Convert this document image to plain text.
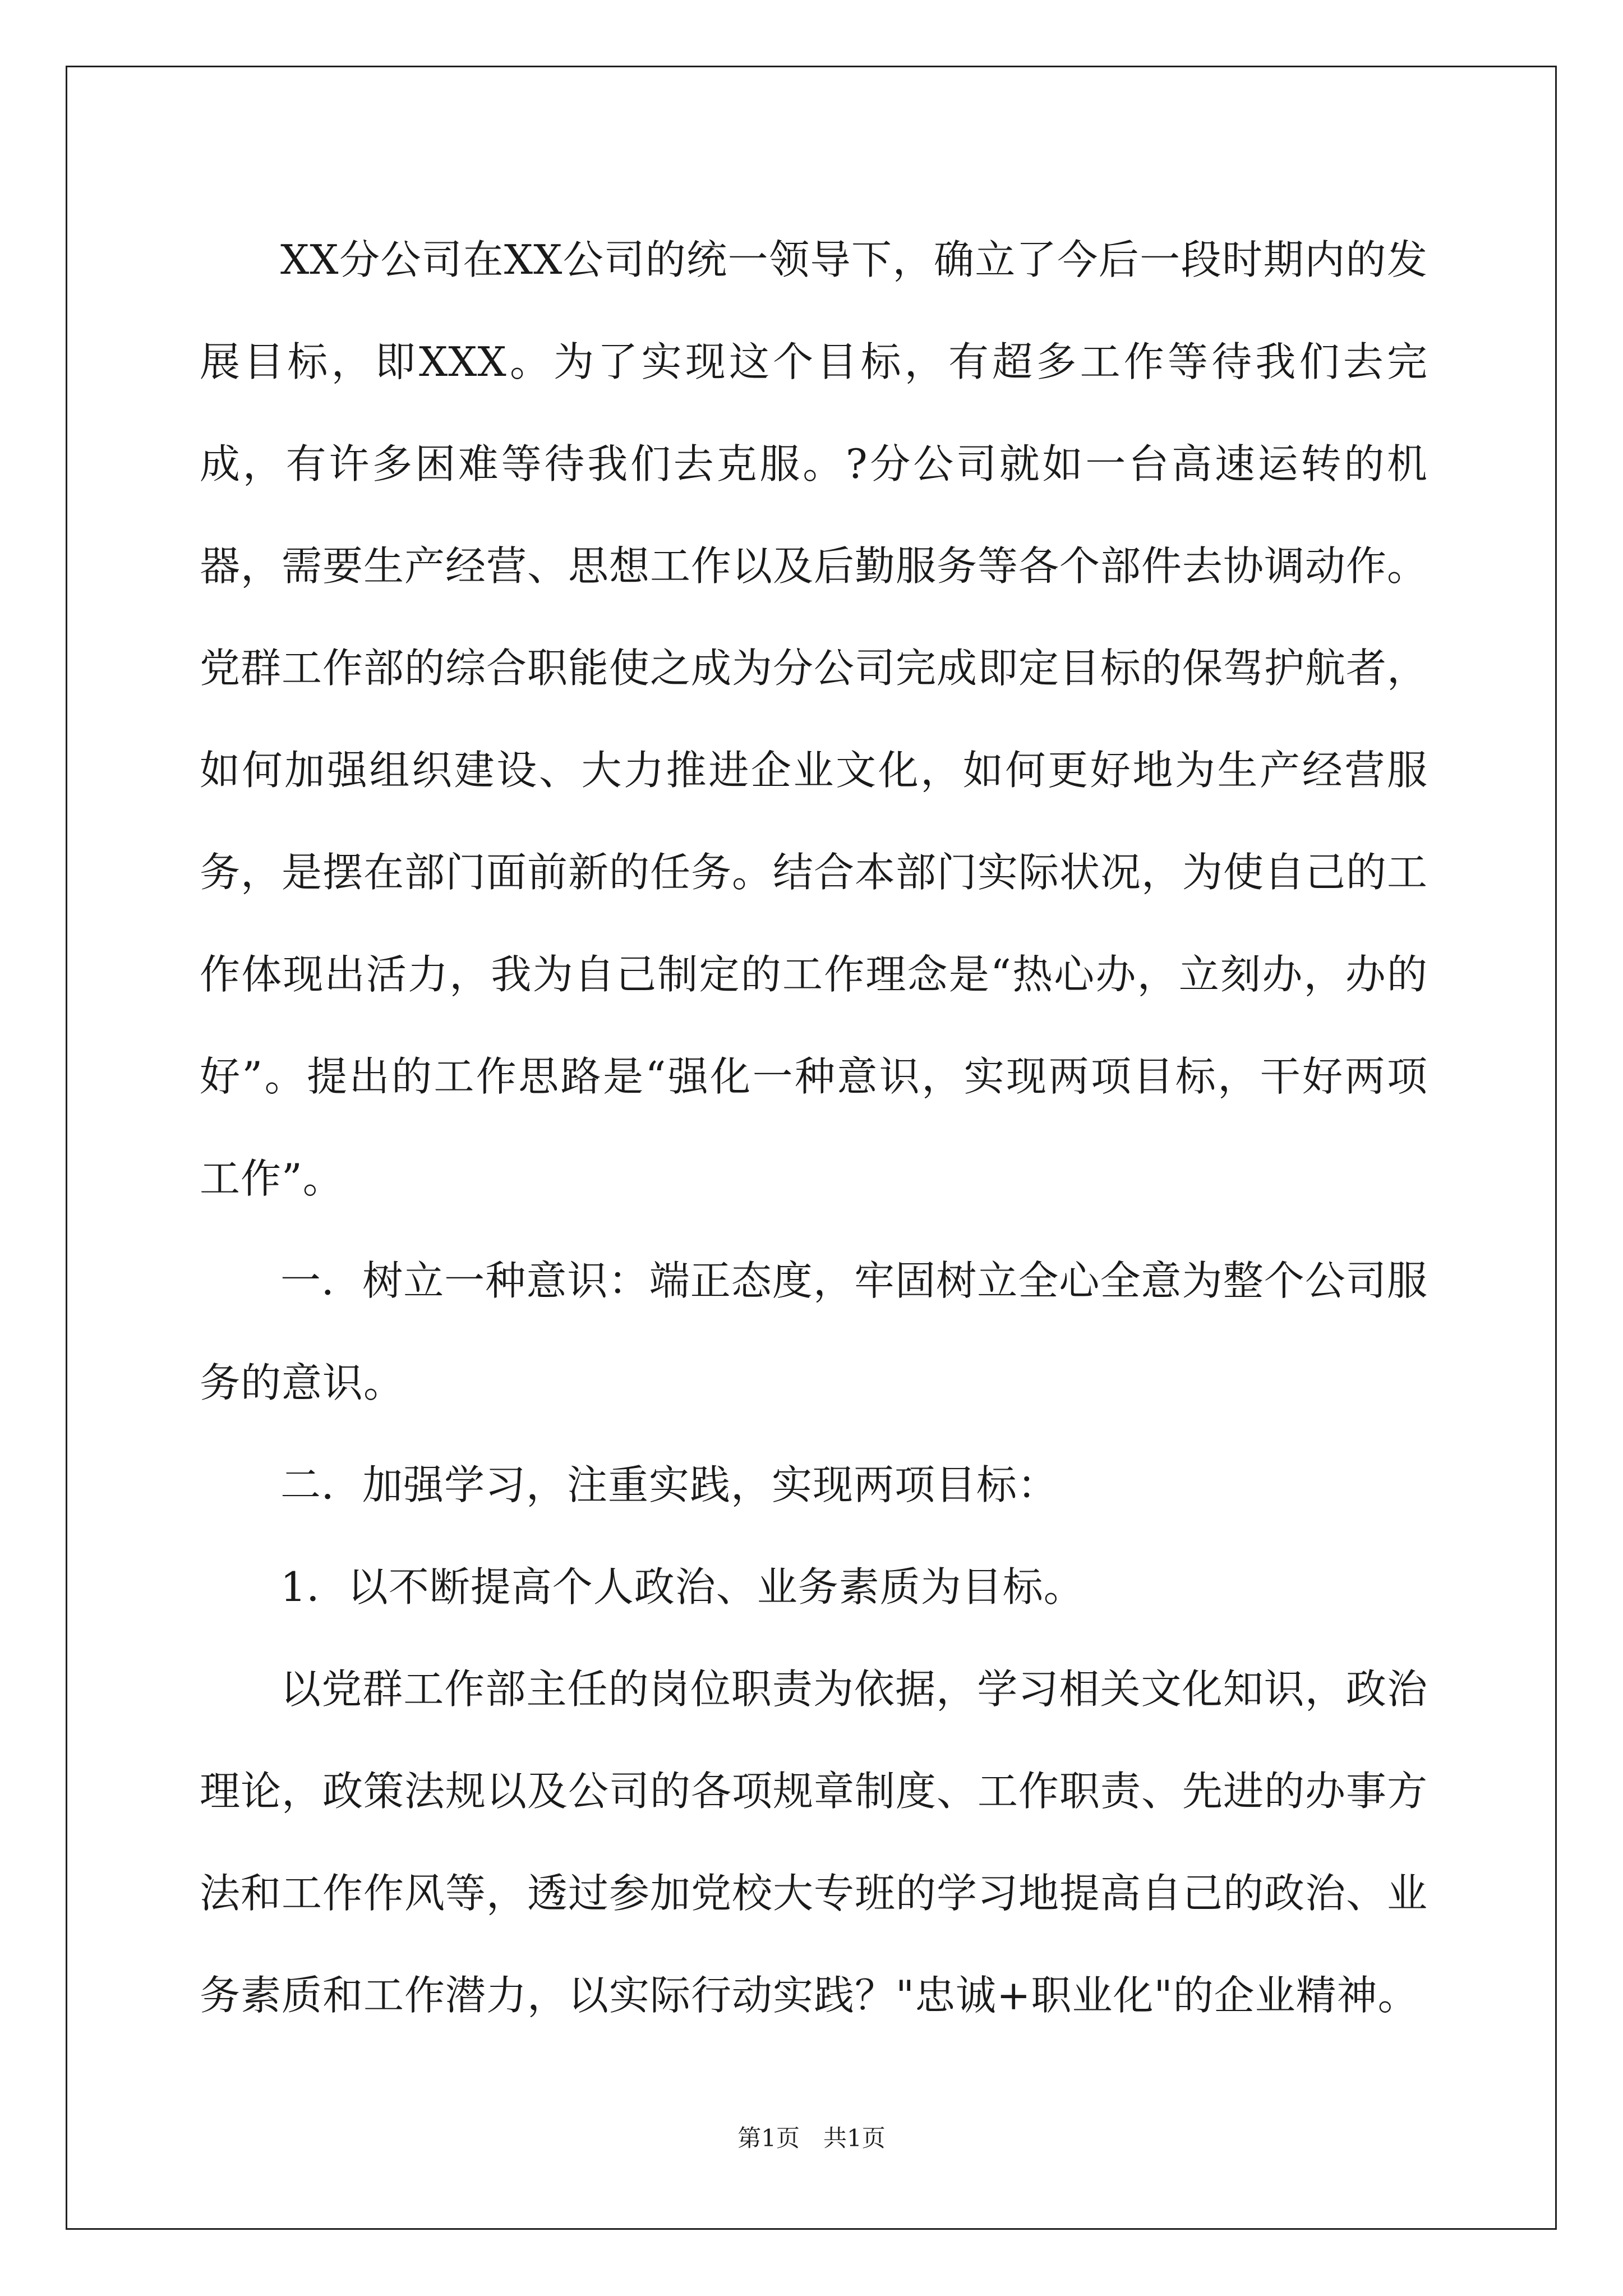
XX分公司在XX公司的统一领导下，确立了今后一段时期内的发展目标，即XXX。为了实现这个目标，有超多工作等待我们去完成，有许多困难等待我们去克服。?分公司就如一台高速运转的机器，需要生产经营、思想工作以及后勤服务等各个部件去协调动作。党群工作部的综合职能使之成为分公司完成即定目标的保驾护航者，如何加强组织建设、大力推进企业文化，如何更好地为生产经营服务，是摆在部门面前新的任务。结合本部门实际状况，为使自己的工作体现出活力，我为自己制定的工作理念是“热心办，立刻办，办的好”。提出的工作思路是“强化一种意识，实现两项目标，干好两项工作”。

一．树立一种意识：端正态度，牢固树立全心全意为整个公司服务的意识。

二．加强学习，注重实践，实现两项目标：

1．以不断提高个人政治、业务素质为目标。

以党群工作部主任的岗位职责为依据，学习相关文化知识，政治理论，政策法规以及公司的各项规章制度、工作职责、先进的办事方法和工作作风等，透过参加党校大专班的学习地提高自己的政治、业务素质和工作潜力，以实际行动实践？"忠诚+职业化"的企业精神。

第1页 共1页
